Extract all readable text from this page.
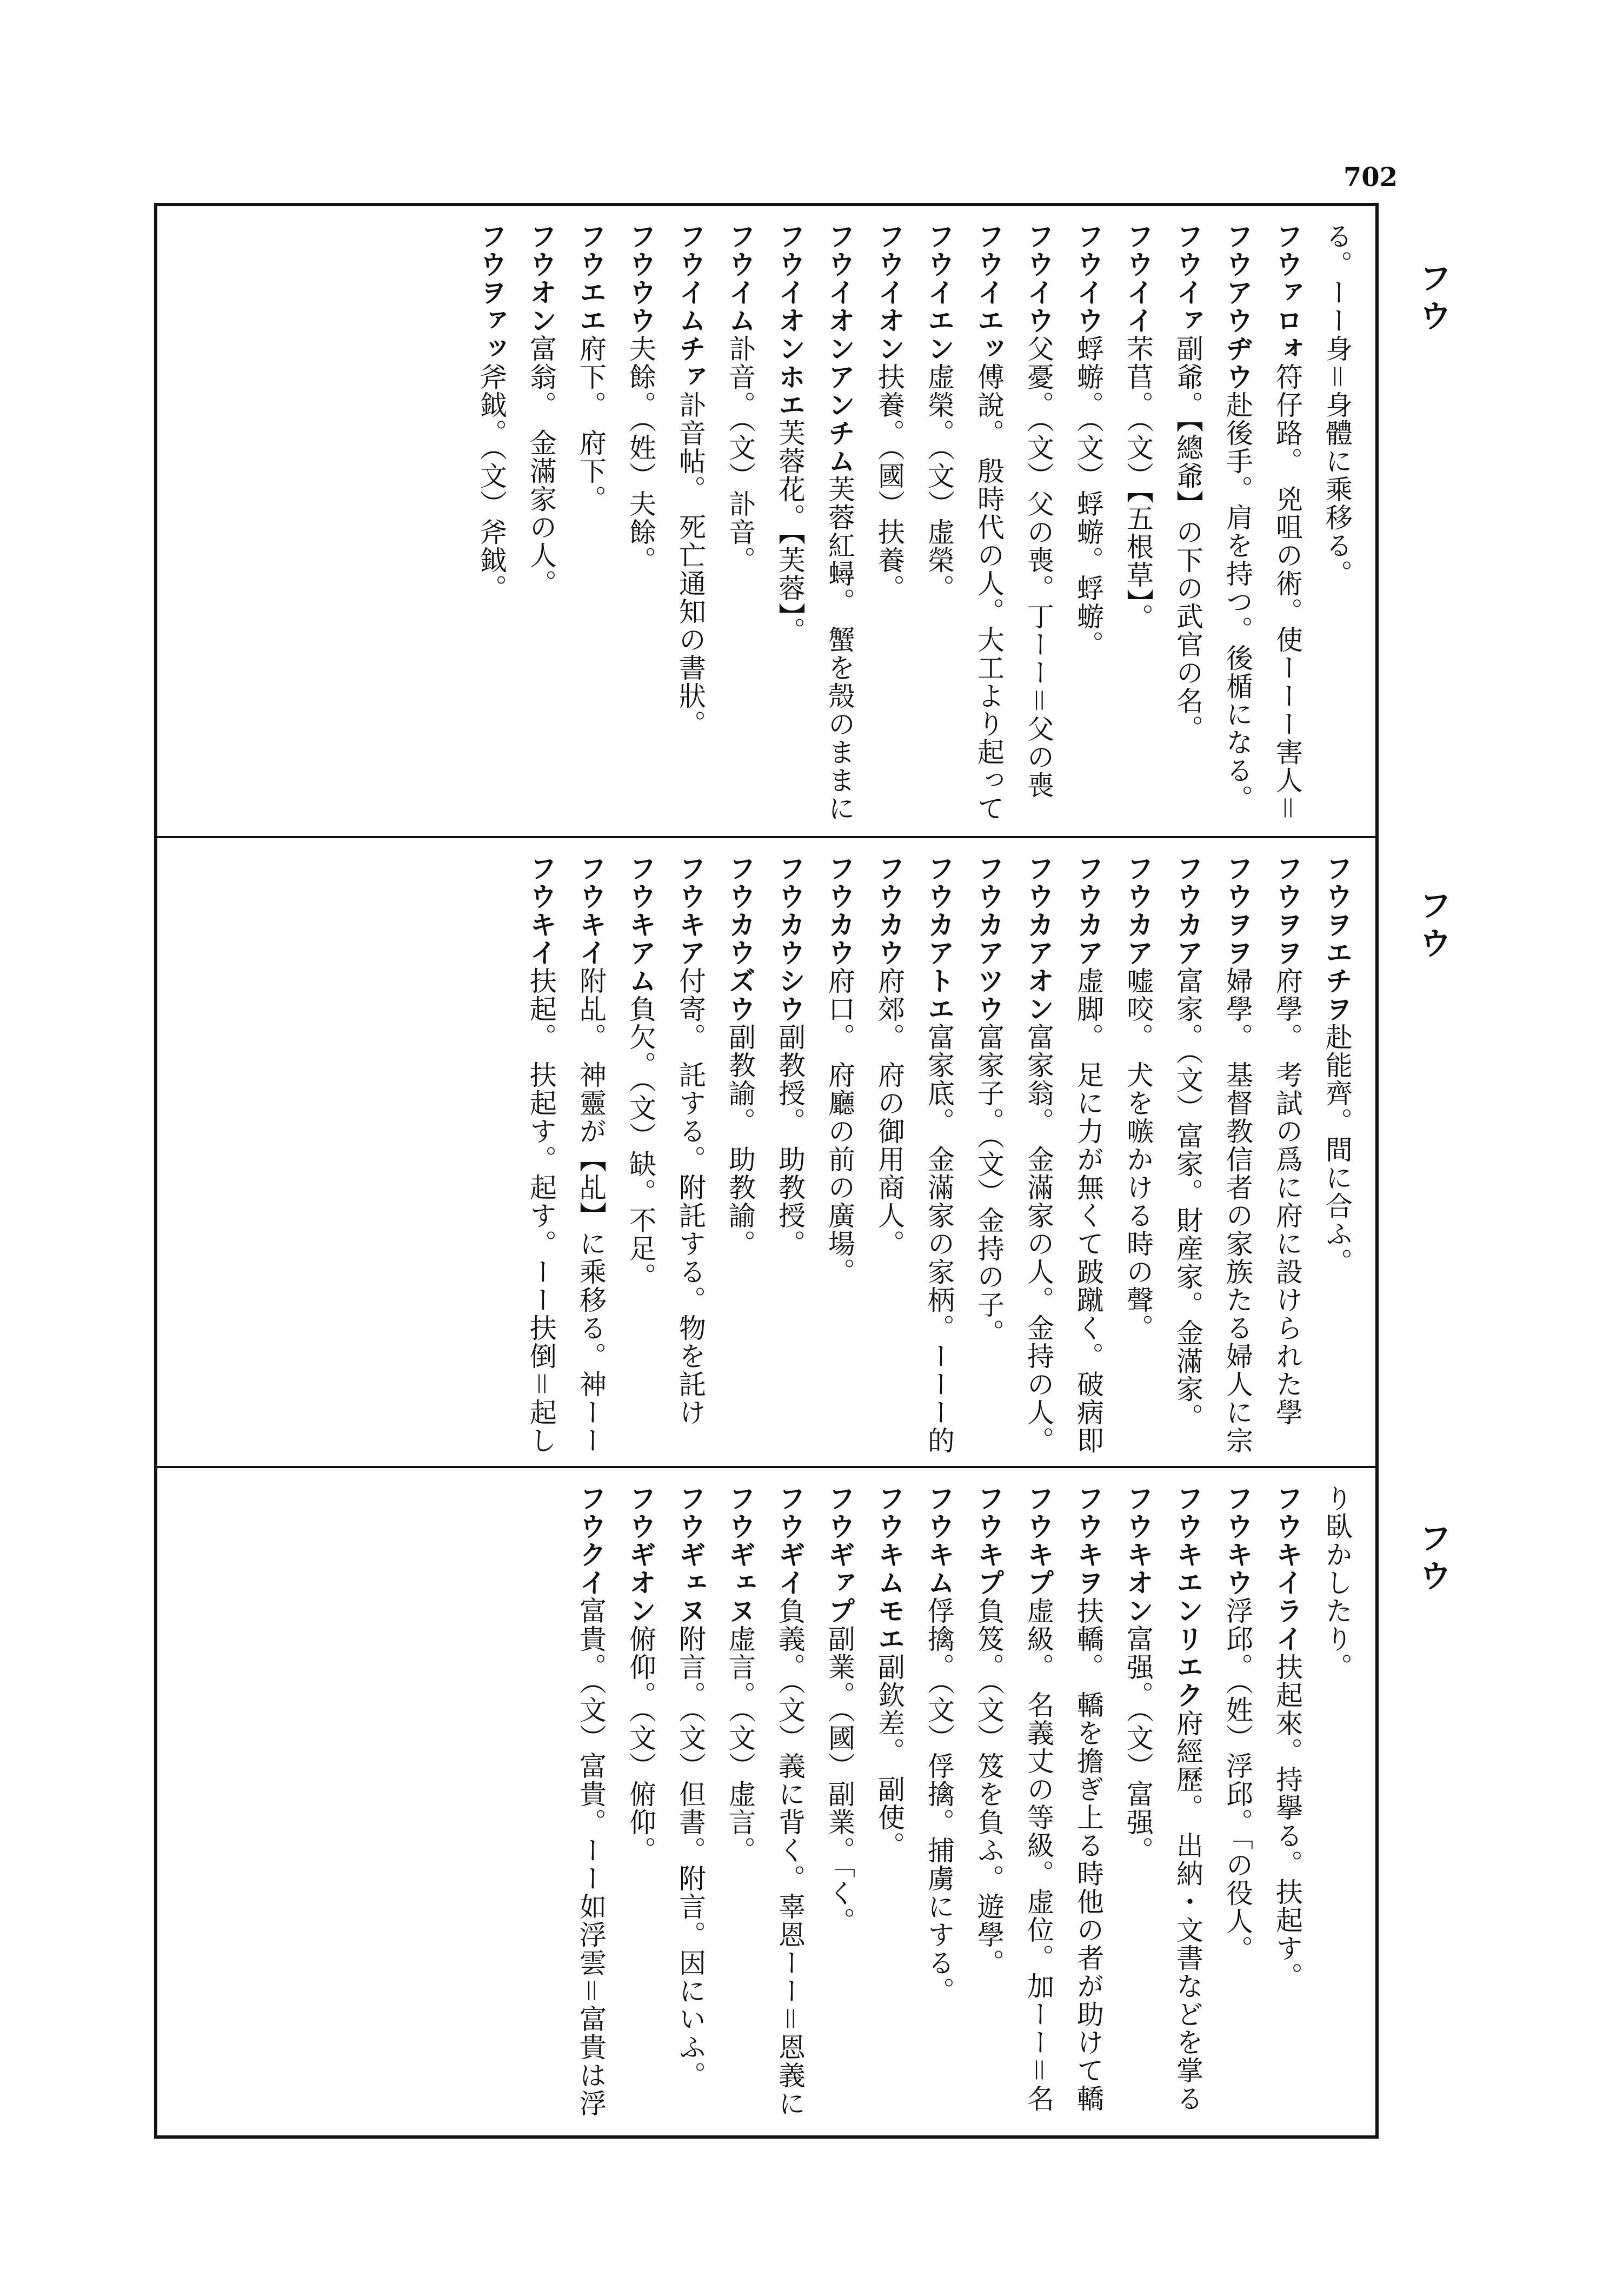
702
フウ
フウ
フウ
る。ーー身＝身體に乘移る。
フウァロォ符仔路。 兇咀の術。使ーーー害人＝
フウアウヂウ赴後手。肩を持つ。後楯になる。
フウイァ副爺。【總爺】の下の武官の名。
フウイイ芣苢。（文）【五根草】。
フウイウ蜉蝣。（文）蜉蝣。蜉蝣。
フウイウ父憂。（文）父の喪。丁ーー＝父の喪
フウイエッ傅說。 殷時代の人。大工より起って
フウイエン虚榮。（文）虚榮。
フウイオン扶養。（國）扶養。
フウイオンアンチム芙蓉紅蟳。 蟹を殼のままに
フウイオンホエ芙蓉花。【芙蓉】。
フウイム訃音。（文）訃音。
フウイムチァ訃音帖。 死亡通知の書狀。
フウウウ夫餘。（姓）夫餘。
フウエエ府下。 府下。
フウオン富翁。 金滿家の人。
フウヲァッ斧鉞。（文）斧鉞。
フウヲエチヲ赴能齊。間に合ふ。
フウヲヲ府學。 考試の爲に府に設けられた學
フウヲヲ婦學。 基督教信者の家族たる婦人に宗
フウカア富家。（文）富家。財産家。金滿家。
フウカア嘘咬。 犬を嗾かける時の聲。
フウカア虚脚。 足に力が無くて跛蹴く。破病即
フウカアオン富家翁。 金滿家の人。金持の人。
フウカアツウ富家子。（文）金持の子。
フウカアトエ富家底。 金滿家の家柄。ーーー的
フウカウ府郊。 府の御用商人。
フウカウ府口。 府廳の前の廣場。
フウカウシウ副教授。 助教授。
フウカウズウ副教諭。 助教諭。
フウキア付寄。 託する。附託する。物を託け
フウキアム負欠。（文）缺。不足。
フウキイ附乩。 神靈が【乩】に乘移る。神ーー
フウキイ扶起。 扶起す。起す。ーー扶倒＝起し
り臥かしたり。
フウキイライ扶起來。持擧る。扶起す。
フウキウ浮邱。（姓）浮邱。「の役人。
フウキエンリエク府經歷。 出納・文書などを掌る
フウキオン富强。（文）富强。
フウキヲ扶轎。 轎を擔ぎ上る時他の者が助けて轎
フウキプ虚級。 名義丈の等級。虚位。加ーー＝名
フウキプ負笈。（文）笈を負ふ。遊學。
フウキム俘擒。（文）俘擒。捕虜にする。
フウキムモエ副欽差。 副使。
フウギァプ副業。（國）副業。「く。
フウギイ負義。（文）義に背く。辜恩ーー＝恩義に
フウギェヌ虚言。（文）虚言。
フウギェヌ附言。（文）但書。附言。因にいふ。
フウギオン俯仰。（文）俯仰。
フウクイ富貴。（文）富貴。ーー如浮雲＝富貴は浮
